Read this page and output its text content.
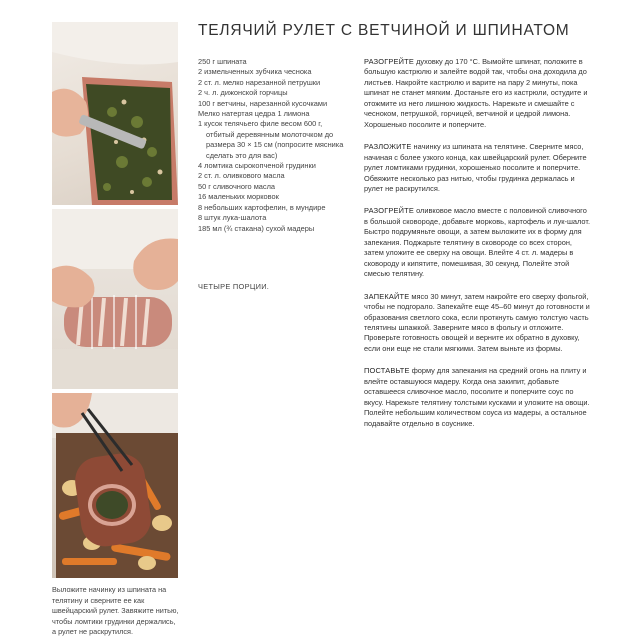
Выложите начинку из шпината на телятину и сверните ее как швейцарский рулет. Завяжите нитью, чтобы ломтики грудинки держались, а рулет не раскрутился.
ТЕЛЯЧИЙ РУЛЕТ С ВЕТЧИНОЙ И ШПИНАТОМ
250 г шпината
2 измельченных зубчика чеснока
2 ст. л. мелко нарезанной петрушки
2 ч. л. дижонской горчицы
100 г ветчины, нарезанной кусочками
Мелко натертая цедра 1 лимона
1 кусок телячьего филе весом 600 г,
отбитый деревянным молоточком до размера 30 × 15 см (попросите мясника сделать это для вас)
4 ломтика сырокопченой грудинки
2 ст. л. оливкового масла
50 г сливочного масла
16 маленьких морковок
8 небольших картофелин, в мундире
8 штук лука-шалота
185 мл (¾ стакана) сухой мадеры
ЧЕТЫРЕ ПОРЦИИ.

РАЗОГРЕЙТЕ духовку до 170 °С. Вымойте шпинат, положите в большую кастрюлю и залейте водой так, чтобы она доходила до листьев. Накройте кастрюлю и варите на пару 2 минуты, пока шпинат не станет мягким. Достаньте его из кастрюли, остудите и отожмите из него лишнюю жидкость. Нарежьте и смешайте с чесноком, петрушкой, горчицей, ветчиной и цедрой лимона. Хорошенько посолите и поперчите.

РАЗЛОЖИТЕ начинку из шпината на телятине. Сверните мясо, начиная с более узкого конца, как швейцарский рулет. Оберните рулет ломтиками грудинки, хорошенько посолите и поперчите. Обвяжите несколько раз нитью, чтобы грудинка держалась и рулет не раскрутился.

РАЗОГРЕЙТЕ оливковое масло вместе с половиной сливочного в большой сковороде, добавьте морковь, картофель и лук-шалот. Быстро подрумяньте овощи, а затем выложите их в форму для запекания. Поджарьте телятину в сковороде со всех сторон, затем уложите ее сверху на овощи. Влейте 4 ст. л. мадеры в сковороду и кипятите, помешивая, 30 секунд. Полейте этой смесью телятину.

ЗАПЕКАЙТЕ мясо 30 минут, затем накройте его сверху фольгой, чтобы не подгорало. Запекайте еще 45–60 минут до готовности и образования светлого сока, если проткнуть самую толстую часть телятины шпажкой. Заверните мясо в фольгу и отложите. Проверьте готовность овощей и верните их обратно в духовку, если они еще не стали мягкими. Затем выньте из формы.

ПОСТАВЬТЕ форму для запекания на средний огонь на плиту и влейте оставшуюся мадеру. Когда она закипит, добавьте оставшееся сливочное масло, посолите и поперчите соус по вкусу. Нарежьте телятину толстыми кусками и уложите на овощи. Полейте небольшим количеством соуса из мадеры, а остальное подавайте отдельно в соуснике.
